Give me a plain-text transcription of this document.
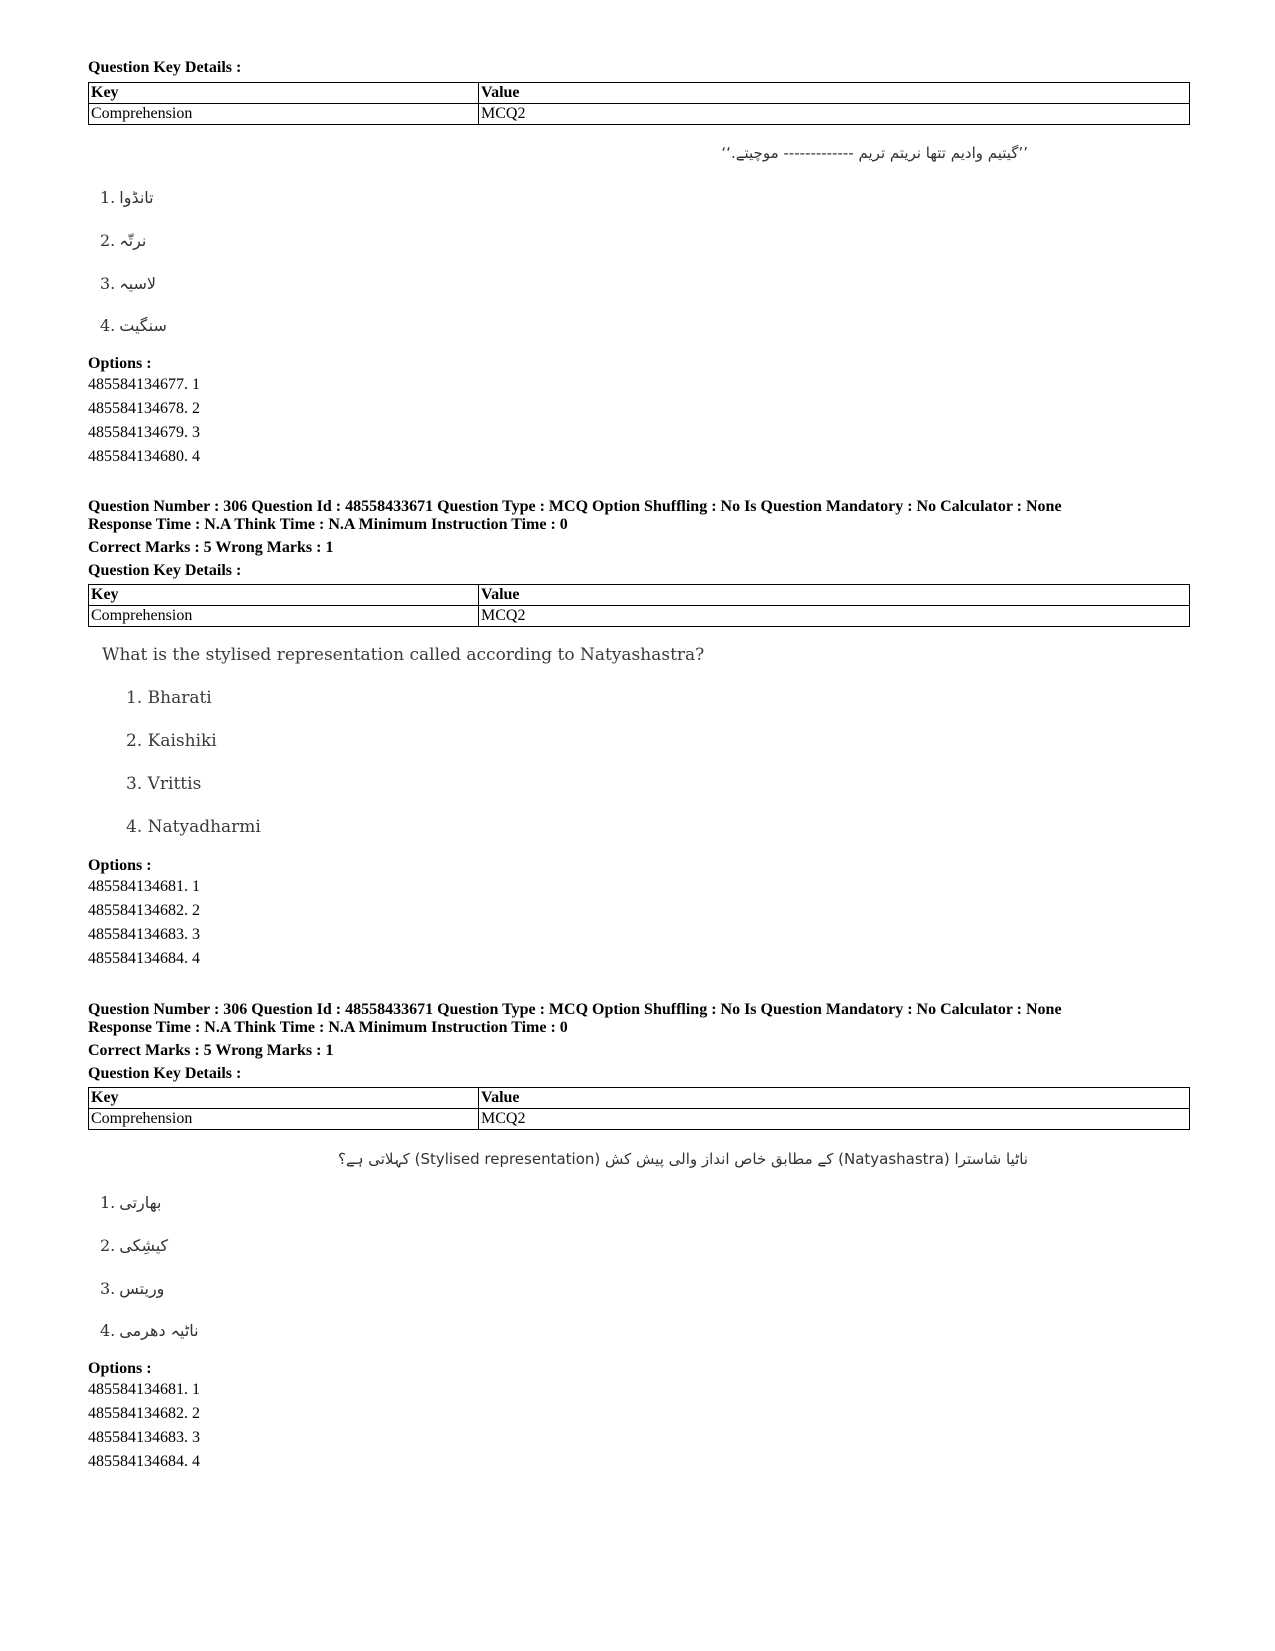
Question Key Details :
Key	Value
Comprehension	MCQ2
’’گیتیم وادیم تتھا نریتم تریم ------------- موچیتے.‘‘
1. تانڈوا
2. نرتّہ
3. لاسیہ
4. سنگیت
Options :
485584134677. 1
485584134678. 2
485584134679. 3
485584134680. 4
Question Number : 306 Question Id : 48558433671 Question Type : MCQ Option Shuffling : No Is Question Mandatory : No Calculator : None
Response Time : N.A Think Time : N.A Minimum Instruction Time : 0
Correct Marks : 5 Wrong Marks : 1
Question Key Details :
Key	Value
Comprehension	MCQ2
What is the stylised representation called according to Natyashastra?
1. Bharati
2. Kaishiki
3. Vrittis
4. Natyadharmi
Options :
485584134681. 1
485584134682. 2
485584134683. 3
485584134684. 4
Question Number : 306 Question Id : 48558433671 Question Type : MCQ Option Shuffling : No Is Question Mandatory : No Calculator : None
Response Time : N.A Think Time : N.A Minimum Instruction Time : 0
Correct Marks : 5 Wrong Marks : 1
Question Key Details :
Key	Value
Comprehension	MCQ2
ناٹیا شاسترا (Natyashastra) کے مطابق خاص انداز والی پیش کش (Stylised representation) کہلاتی ہے؟
1. بھارتی
2. کیشِکی
3. وریتس
4. ناٹیہ دھرمی
Options :
485584134681. 1
485584134682. 2
485584134683. 3
485584134684. 4
